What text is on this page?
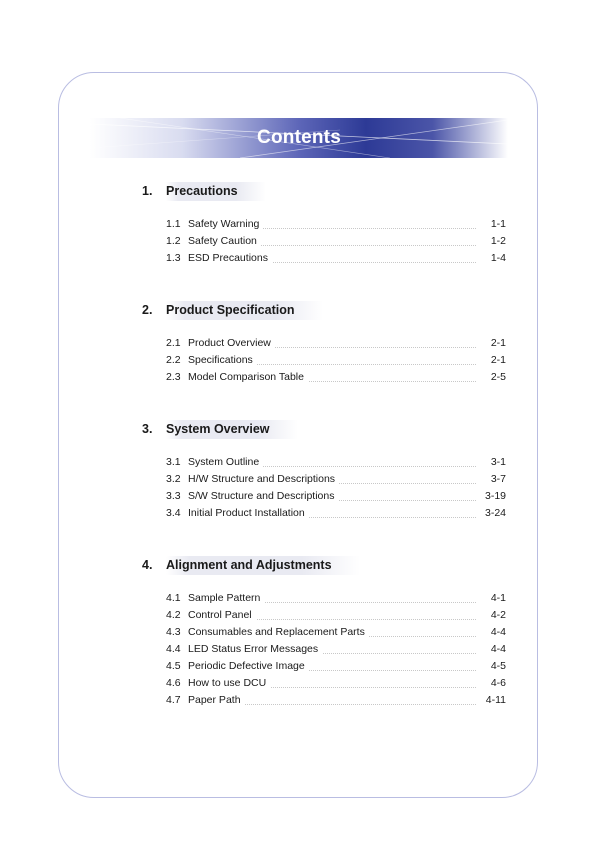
Contents
1. Precautions
1.1 Safety Warning	1-1
1.2 Safety Caution	1-2
1.3 ESD Precautions	1-4
2. Product Specification
2.1 Product Overview	2-1
2.2 Specifications	2-1
2.3 Model Comparison Table	2-5
3. System Overview
3.1 System Outline	3-1
3.2 H/W Structure and Descriptions	3-7
3.3 S/W Structure and Descriptions	3-19
3.4 Initial Product Installation	3-24
4. Alignment and Adjustments
4.1 Sample Pattern	4-1
4.2 Control Panel	4-2
4.3 Consumables and Replacement Parts	4-4
4.4 LED Status Error Messages	4-4
4.5 Periodic Defective Image	4-5
4.6 How to use DCU	4-6
4.7 Paper Path	4-11
